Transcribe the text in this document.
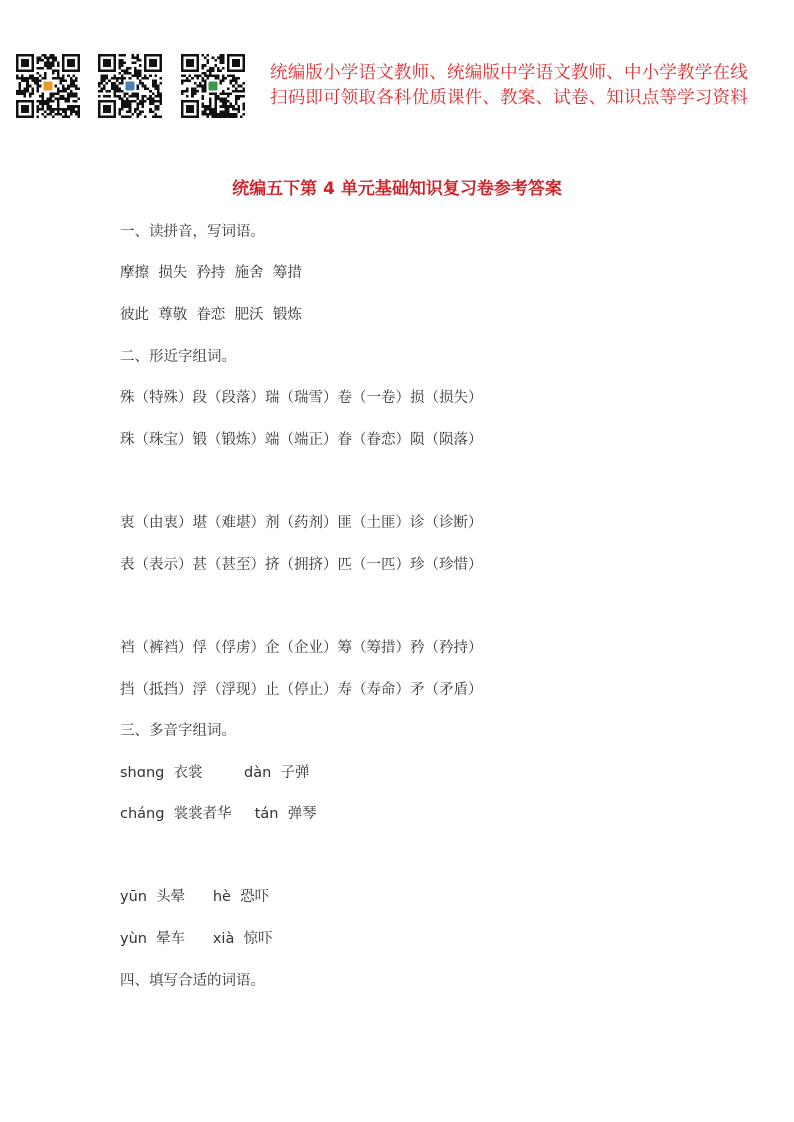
统编版小学语文教师、统编版中学语文教师、中小学教学在线
扫码即可领取各科优质课件、教案、试卷、知识点等学习资料
统编五下第 4 单元基础知识复习卷参考答案
一、读拼音，写词语。
摩擦  损失  矜持  施舍  筹措
彼此  尊敬  眷恋  肥沃  锻炼
二、形近字组词。
殊（特殊）段（段落）瑞（瑞雪）卷（一卷）损（损失）
珠（珠宝）锻（锻炼）端（端正）眷（眷恋）陨（陨落）
衷（由衷）堪（难堪）剂（药剂）匪（土匪）诊（诊断）
表（表示）甚（甚至）挤（拥挤）匹（一匹）珍（珍惜）
裆（裤裆）俘（俘虏）企（企业）筹（筹措）矜（矜持）
挡（抵挡）浮（浮现）止（停止）寿（寿命）矛（矛盾）
三、多音字组词。
shɑng  衣裳         dàn  子弹
cháng  裳裳者华     tán  弹琴
yūn  头晕      hè  恐吓
yùn  晕车      xià  惊吓
四、填写合适的词语。
